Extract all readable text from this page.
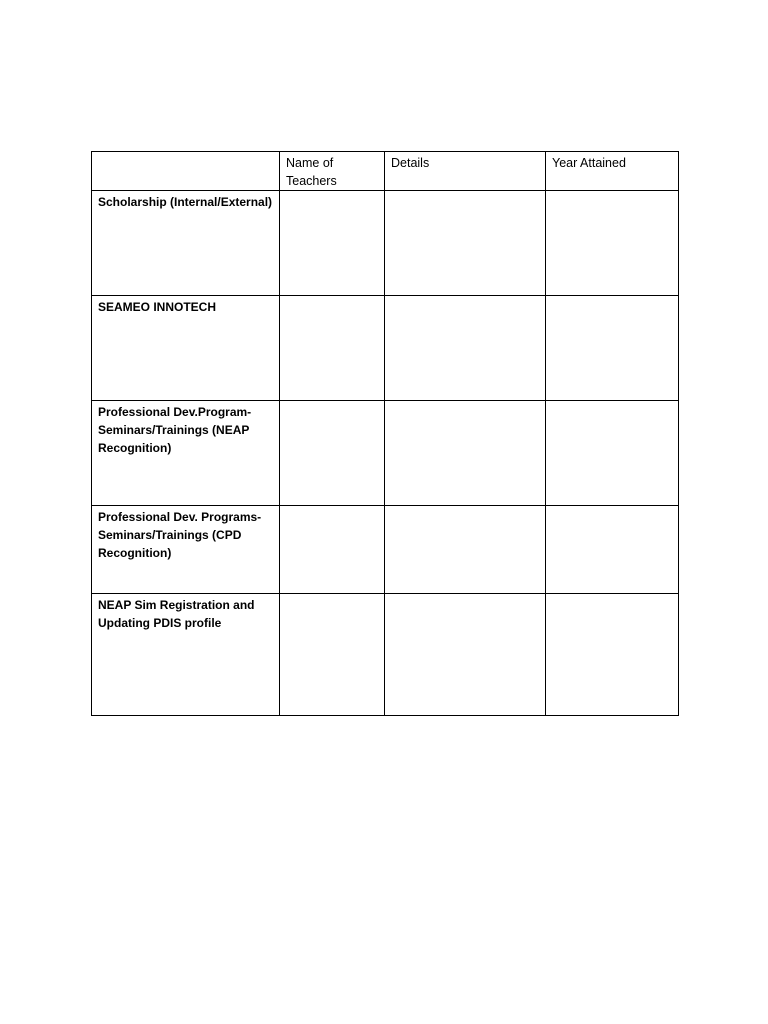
	Name of Teachers	Details	Year Attained
Scholarship (Internal/External)			
SEAMEO INNOTECH			
Professional Dev.Program-Seminars/Trainings (NEAP Recognition)			
Professional Dev. Programs-Seminars/Trainings (CPD Recognition)			
NEAP Sim Registration and Updating PDIS profile			
